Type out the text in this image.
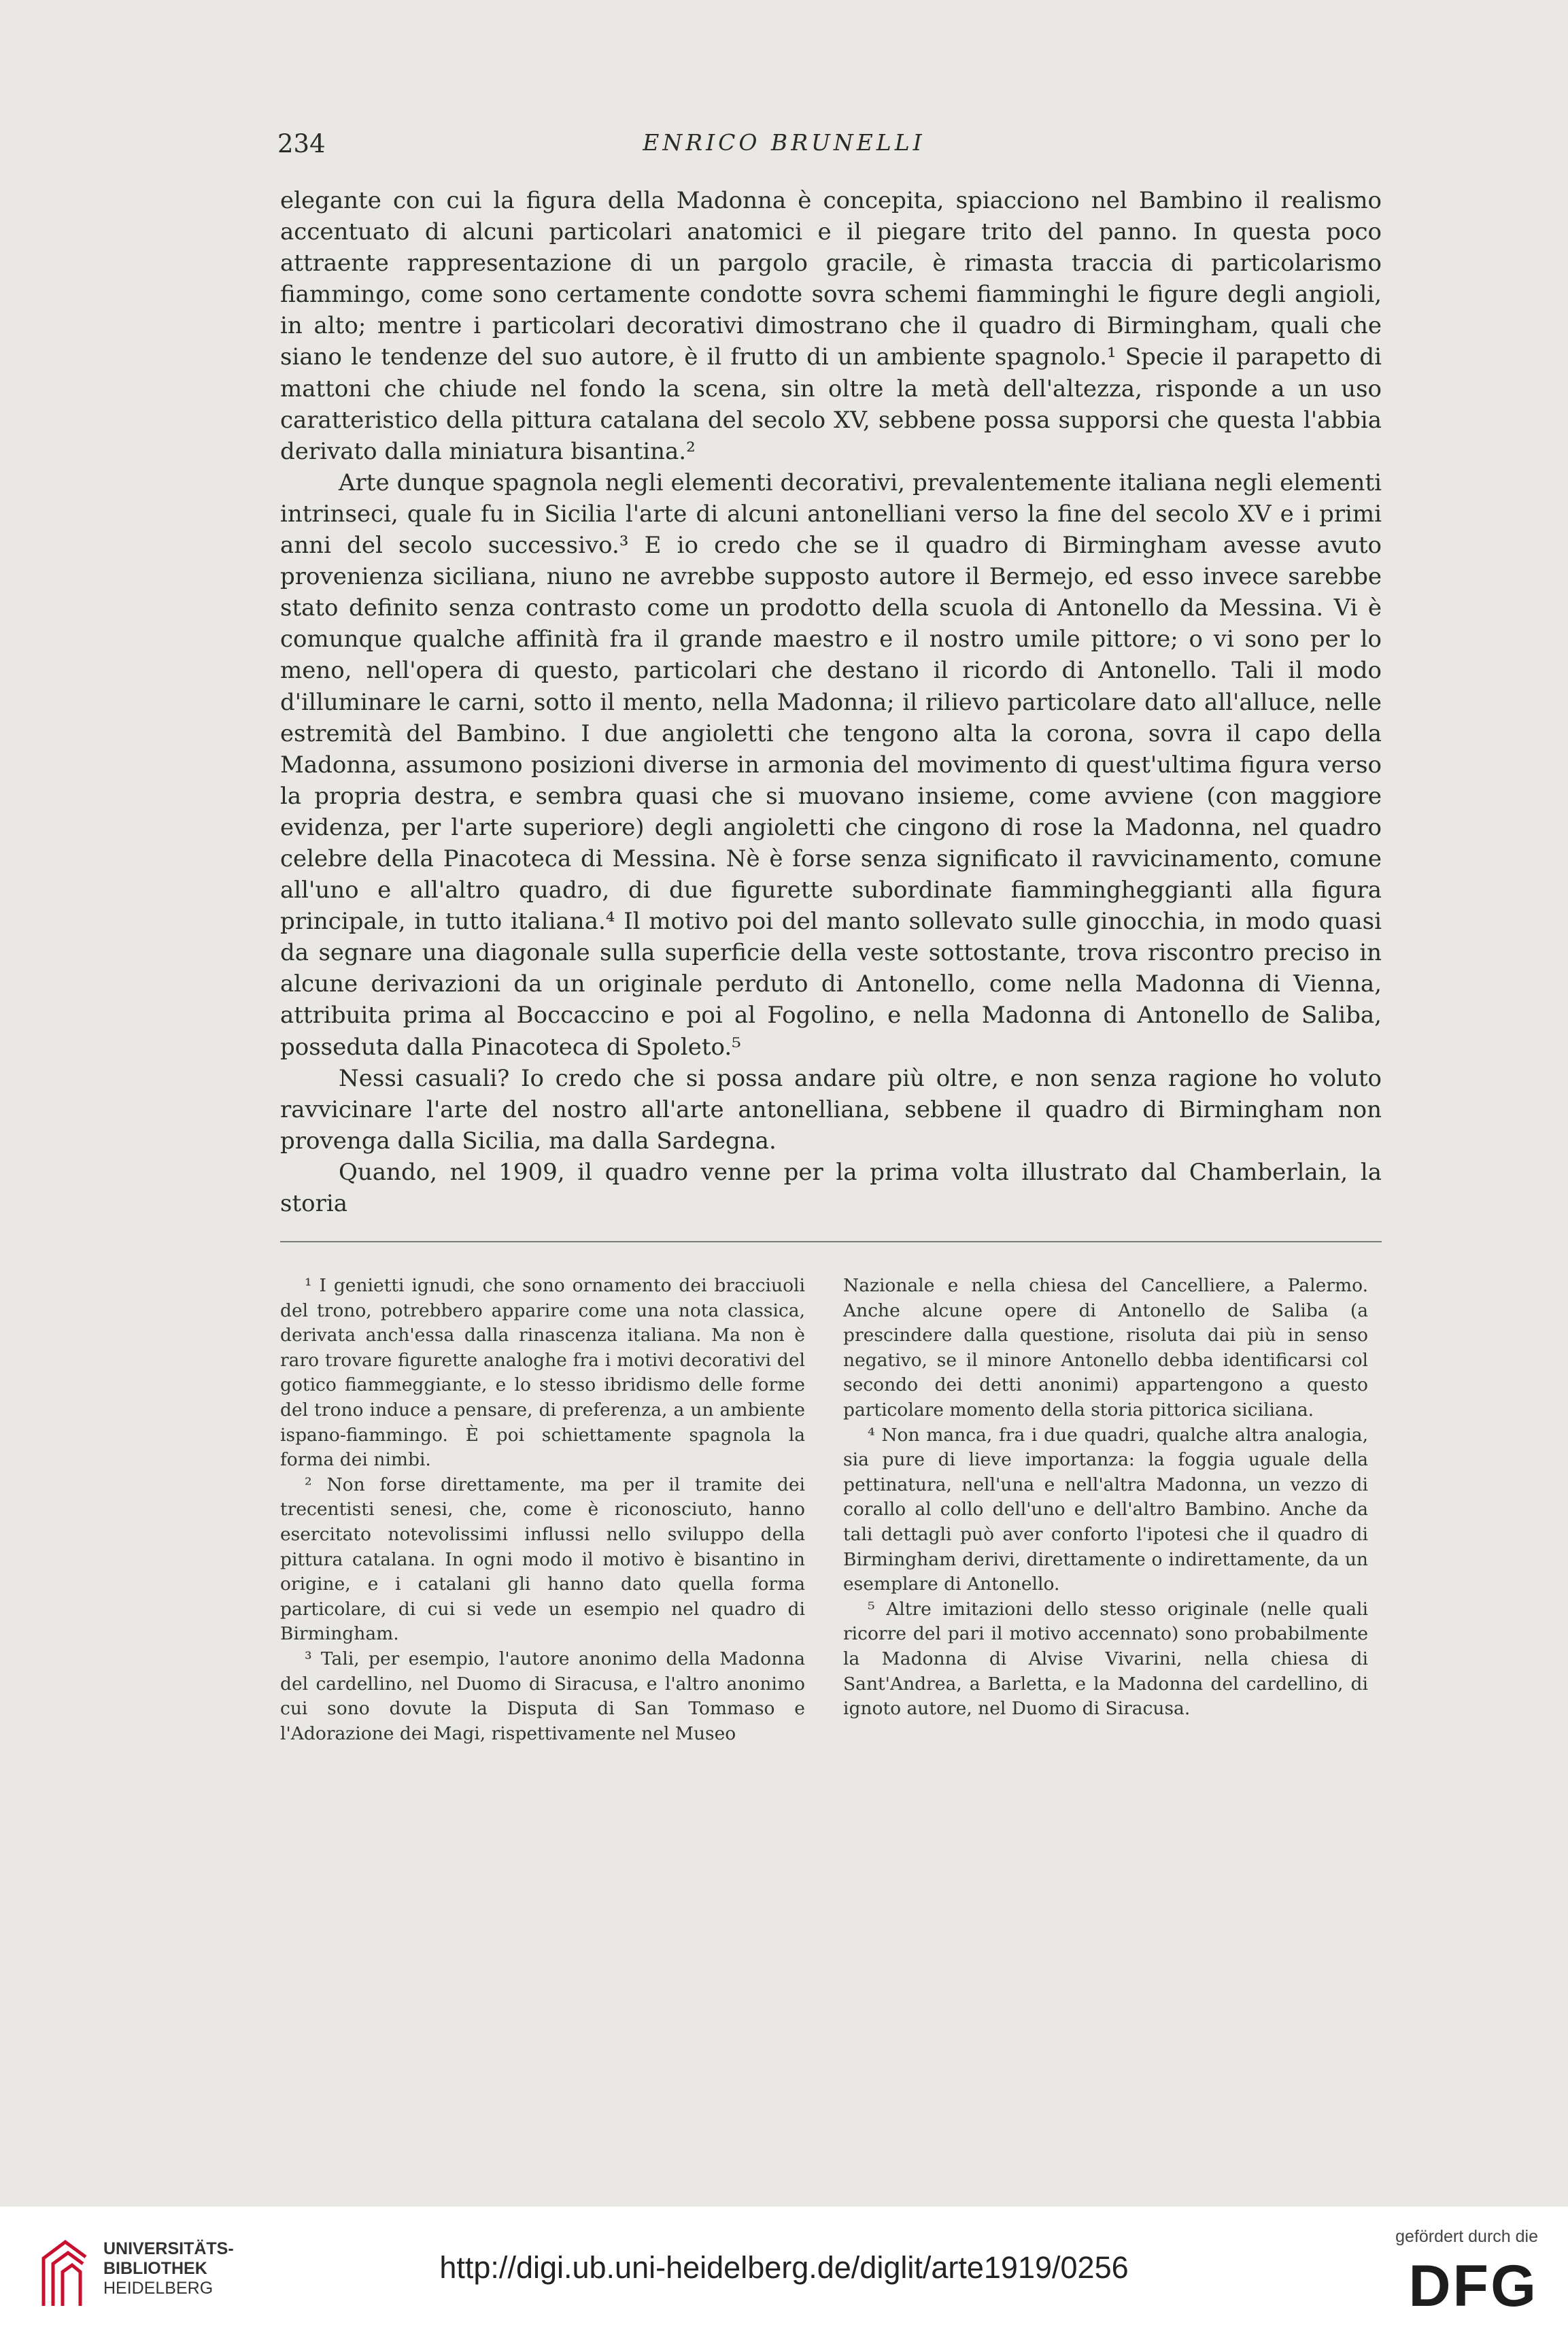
234	ENRICO BRUNELLI

elegante con cui la figura della Madonna è concepita, spiacciono nel Bambino il realismo accentuato di alcuni particolari anatomici e il piegare trito del panno. In questa poco attraente rappresentazione di un pargolo gracile, è rimasta traccia di particolarismo fiammingo, come sono certamente condotte sovra schemi fiamminghi le figure degli angioli, in alto; mentre i particolari decorativi dimostrano che il quadro di Birmingham, quali che siano le tendenze del suo autore, è il frutto di un ambiente spagnolo.¹ Specie il parapetto di mattoni che chiude nel fondo la scena, sin oltre la metà dell'altezza, risponde a un uso caratteristico della pittura catalana del secolo XV, sebbene possa supporsi che questa l'abbia derivato dalla miniatura bisantina.²

Arte dunque spagnola negli elementi decorativi, prevalentemente italiana negli elementi intrinseci, quale fu in Sicilia l'arte di alcuni antonelliani verso la fine del secolo XV e i primi anni del secolo successivo.³ E io credo che se il quadro di Birmingham avesse avuto provenienza siciliana, niuno ne avrebbe supposto autore il Bermejo, ed esso invece sarebbe stato definito senza contrasto come un prodotto della scuola di Antonello da Messina. Vi è comunque qualche affinità fra il grande maestro e il nostro umile pittore; o vi sono per lo meno, nell'opera di questo, particolari che destano il ricordo di Antonello. Tali il modo d'illuminare le carni, sotto il mento, nella Madonna; il rilievo particolare dato all'alluce, nelle estremità del Bambino. I due angioletti che tengono alta la corona, sovra il capo della Madonna, assumono posizioni diverse in armonia del movimento di quest'ultima figura verso la propria destra, e sembra quasi che si muovano insieme, come avviene (con maggiore evidenza, per l'arte superiore) degli angioletti che cingono di rose la Madonna, nel quadro celebre della Pinacoteca di Messina. Nè è forse senza significato il ravvicinamento, comune all'uno e all'altro quadro, di due figurette subordinate fiammingheggianti alla figura principale, in tutto italiana.⁴ Il motivo poi del manto sollevato sulle ginocchia, in modo quasi da segnare una diagonale sulla superficie della veste sottostante, trova riscontro preciso in alcune derivazioni da un originale perduto di Antonello, come nella Madonna di Vienna, attribuita prima al Boccaccino e poi al Fogolino, e nella Madonna di Antonello de Saliba, posseduta dalla Pinacoteca di Spoleto.⁵

Nessi casuali? Io credo che si possa andare più oltre, e non senza ragione ho voluto ravvicinare l'arte del nostro all'arte antonelliana, sebbene il quadro di Birmingham non provenga dalla Sicilia, ma dalla Sardegna.

Quando, nel 1909, il quadro venne per la prima volta illustrato dal Chamberlain, la storia

¹ I genietti ignudi, che sono ornamento dei bracciuoli del trono, potrebbero apparire come una nota classica, derivata anch'essa dalla rinascenza italiana. Ma non è raro trovare figurette analoghe fra i motivi decorativi del gotico fiammeggiante, e lo stesso ibridismo delle forme del trono induce a pensare, di preferenza, a un ambiente ispano-fiammingo. È poi schiettamente spagnola la forma dei nimbi.

² Non forse direttamente, ma per il tramite dei trecentisti senesi, che, come è riconosciuto, hanno esercitato notevolissimi influssi nello sviluppo della pittura catalana. In ogni modo il motivo è bisantino in origine, e i catalani gli hanno dato quella forma particolare, di cui si vede un esempio nel quadro di Birmingham.

³ Tali, per esempio, l'autore anonimo della Madonna del cardellino, nel Duomo di Siracusa, e l'altro anonimo cui sono dovute la Disputa di San Tommaso e l'Adorazione dei Magi, rispettivamente nel Museo

Nazionale e nella chiesa del Cancelliere, a Palermo. Anche alcune opere di Antonello de Saliba (a prescindere dalla questione, risoluta dai più in senso negativo, se il minore Antonello debba identificarsi col secondo dei detti anonimi) appartengono a questo particolare momento della storia pittorica siciliana.

⁴ Non manca, fra i due quadri, qualche altra analogia, sia pure di lieve importanza: la foggia uguale della pettinatura, nell'una e nell'altra Madonna, un vezzo di corallo al collo dell'uno e dell'altro Bambino. Anche da tali dettagli può aver conforto l'ipotesi che il quadro di Birmingham derivi, direttamente o indirettamente, da un esemplare di Antonello.

⁵ Altre imitazioni dello stesso originale (nelle quali ricorre del pari il motivo accennato) sono probabilmente la Madonna di Alvise Vivarini, nella chiesa di Sant'Andrea, a Barletta, e la Madonna del cardellino, di ignoto autore, nel Duomo di Siracusa.

UNIVERSITÄTS-
BIBLIOTHEK
HEIDELBERG
http://digi.ub.uni-heidelberg.de/diglit/arte1919/0256
gefördert durch die
DFG
